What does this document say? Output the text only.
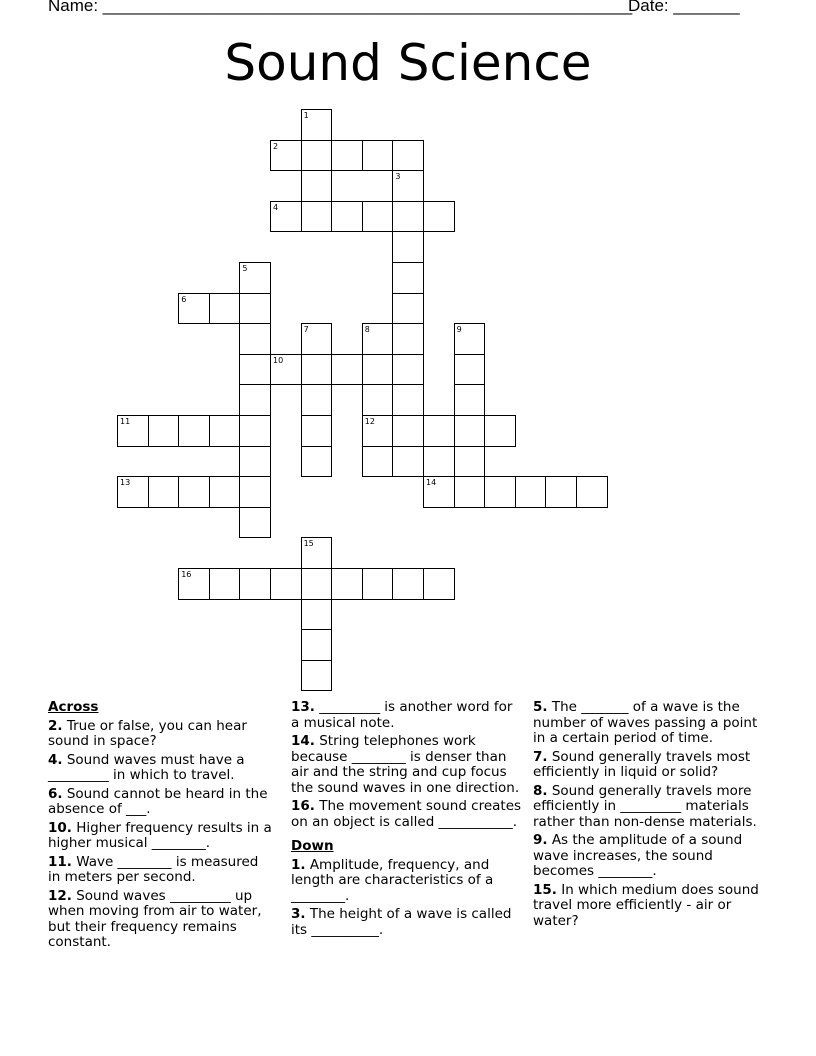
Name: ________________________________________________________
Date: _______
Sound Science
1
2
3
4
5
6
7	8
12
9
10
11
13	14
15
16
Across
2. True or false, you can hear sound in space?
4. Sound waves must have a _________ in which to travel.
6. Sound cannot be heard in the absence of ___.
10. Higher frequency results in a higher musical ________.
11. Wave ________ is measured in meters per second.
12. Sound waves _________ up when moving from air to water, but their frequency remains constant.
13. _________ is another word for a musical note.
14. String telephones work because ________ is denser than air and the string and cup focus the sound waves in one direction.
16. The movement sound creates on an object is called ___________.
Down
1. Amplitude, frequency, and length are characteristics of a ________.
3. The height of a wave is called its __________.
5. The _______ of a wave is the number of waves passing a point in a certain period of time.
7. Sound generally travels most efficiently in liquid or solid?
8. Sound generally travels more efficiently in _________ materials rather than non-dense materials.
9. As the amplitude of a sound wave increases, the sound becomes ________.
15. In which medium does sound travel more efficiently - air or water?
